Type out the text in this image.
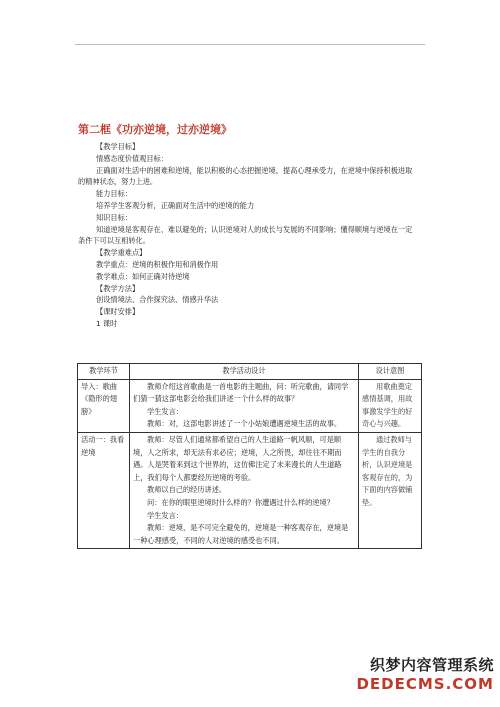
第二框《功亦逆境，过亦逆境》

【教学目标】

情感态度价值观目标：

正确面对生活中的困难和逆境，能以积极的心态把握逆境，提高心理承受力，在逆境中保持积极进取的精神状态，努力上进。

能力目标：

培养学生客观分析，正确面对生活中的逆境的能力

知识目标：

知道逆境是客观存在、难以避免的；认识逆境对人的成长与发展的不同影响；懂得顺境与逆境在一定条件下可以互相转化。

【教学重难点】

教学重点：逆境的积极作用和消极作用

教学难点：如何正确对待逆境

【教学方法】

创设情境法、合作探究法、情感升华法

【课时安排】

1 课时

教学环节	教学活动设计	设计意图
导入：歌曲《隐形的翅膀》	教师介绍这首歌曲是一首电影的主题曲，问：听完歌曲，请同学们猜一猜这部电影会给我们讲述一个什么样的故事？

学生发言：

教师：对，这部电影讲述了一个小姑娘遭遇逆境生活的故事。	用歌曲奠定感情基调，用故事激发学生的好奇心与兴趣。

活动一：我看逆境	教师：尽管人们通常都希望自己的人生道路一帆风顺，可是顺境，人之所求，却无法有求必应；逆境，人之所畏，却往往不期而遇。人是哭着来到这个世界的，这仿佛注定了未来漫长的人生道路上，我们每个人都要经历逆境的考验。

教师以自己的经历讲述。

问：在你的眼里逆境时什么样的？你遭遇过什么样的逆境？

学生发言：

教师：逆境，是不可完全避免的，逆境是一种客观存在，逆境是一种心理感受，不同的人对逆境的感受也不同。	通过教师与学生的自我分析，认识逆境是客观存在的，为下面的内容做铺垫。

织梦内容管理系统
DEDECMS.COM
